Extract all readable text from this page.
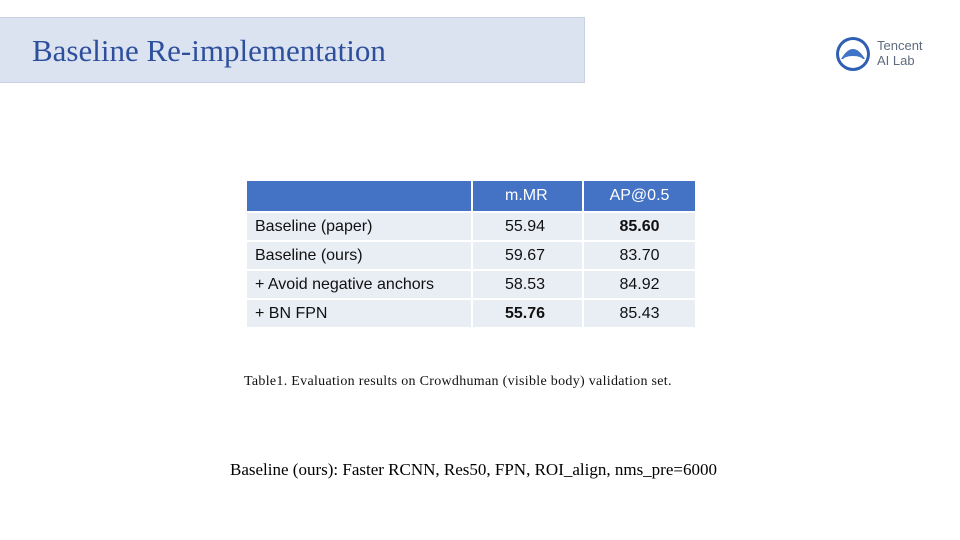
Baseline Re-implementation	Tencent
AI Lab
	m.MR	AP@0.5
Baseline (paper)	55.94	85.60
Baseline (ours)	59.67	83.70
+ Avoid negative anchors	58.53	84.92
+ BN FPN	55.76	85.43
Table1. Evaluation results on Crowdhuman (visible body) validation set.
Baseline (ours): Faster RCNN, Res50, FPN, ROI_align, nms_pre=6000
